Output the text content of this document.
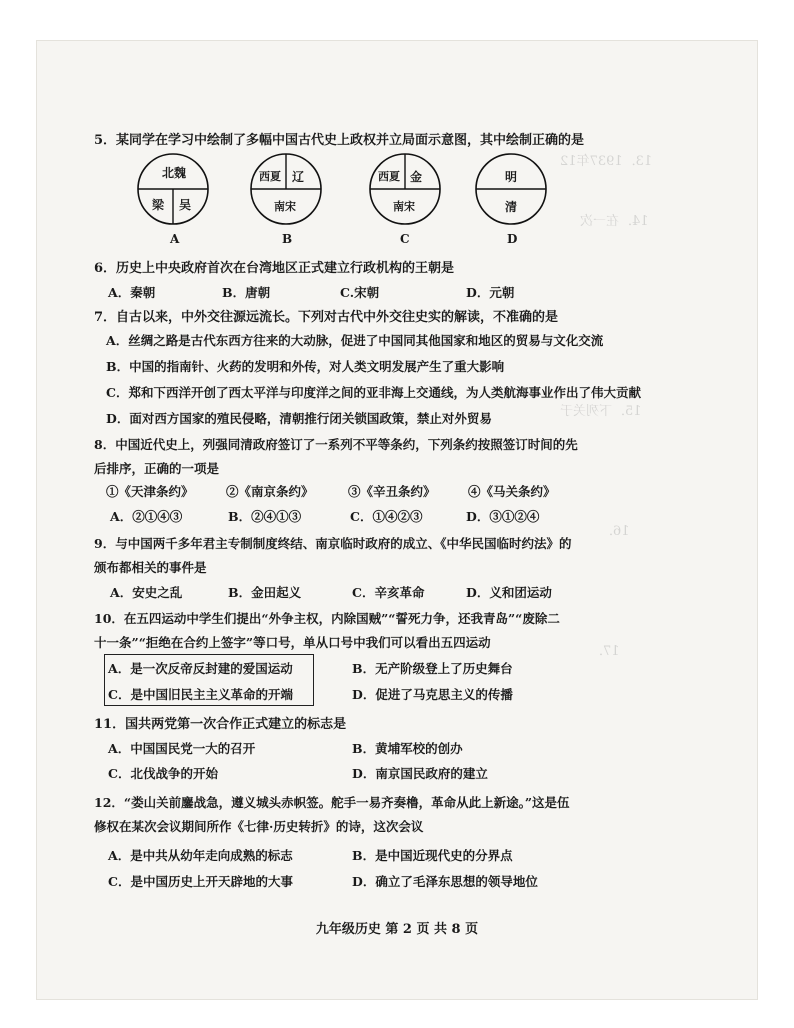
13．1937年12
14．在一次
15．下列关于
16．
17．
5．某同学在学习中绘制了多幅中国古代史上政权并立局面示意图，其中绘制正确的是
北魏
梁 吴
A
西夏 辽
南宋
B
西夏 金
南宋
C
明
清
D
6．历史上中央政府首次在台湾地区正式建立行政机构的王朝是
A．秦朝	B．唐朝	C.宋朝	D．元朝
7．自古以来，中外交往源远流长。下列对古代中外交往史实的解读，不准确的是
A．丝绸之路是古代东西方往来的大动脉，促进了中国同其他国家和地区的贸易与文化交流
B．中国的指南针、火药的发明和外传，对人类文明发展产生了重大影响
C．郑和下西洋开创了西太平洋与印度洋之间的亚非海上交通线，为人类航海事业作出了伟大贡献
D．面对西方国家的殖民侵略，清朝推行闭关锁国政策，禁止对外贸易
8．中国近代史上，列强同清政府签订了一系列不平等条约，下列条约按照签订时间的先
后排序，正确的一项是
①《天津条约》	②《南京条约》	③《辛丑条约》	④《马关条约》
A．②①④③	B．②④①③	C．①④②③	D．③①②④
9．与中国两千多年君主专制制度终结、南京临时政府的成立、《中华民国临时约法》的
颁布都相关的事件是
A．安史之乱	B．金田起义	C．辛亥革命	D．义和团运动
10．在五四运动中学生们提出“外争主权，内除国贼”“誓死力争，还我青岛”“废除二
十一条”“拒绝在合约上签字”等口号，单从口号中我们可以看出五四运动
A．是一次反帝反封建的爱国运动	B．无产阶级登上了历史舞台
C．是中国旧民主主义革命的开端	D．促进了马克思主义的传播
11．国共两党第一次合作正式建立的标志是
A．中国国民党一大的召开	B．黄埔军校的创办
C．北伐战争的开始	D．南京国民政府的建立
12．“娄山关前鏖战急，遵义城头赤帜签。舵手一易齐奏橹，革命从此上新途。”这是伍
修权在某次会议期间所作《七律·历史转折》的诗，这次会议
A．是中共从幼年走向成熟的标志	B．是中国近现代史的分界点
C．是中国历史上开天辟地的大事	D．确立了毛泽东思想的领导地位
九年级历史 第 2 页 共 8 页
